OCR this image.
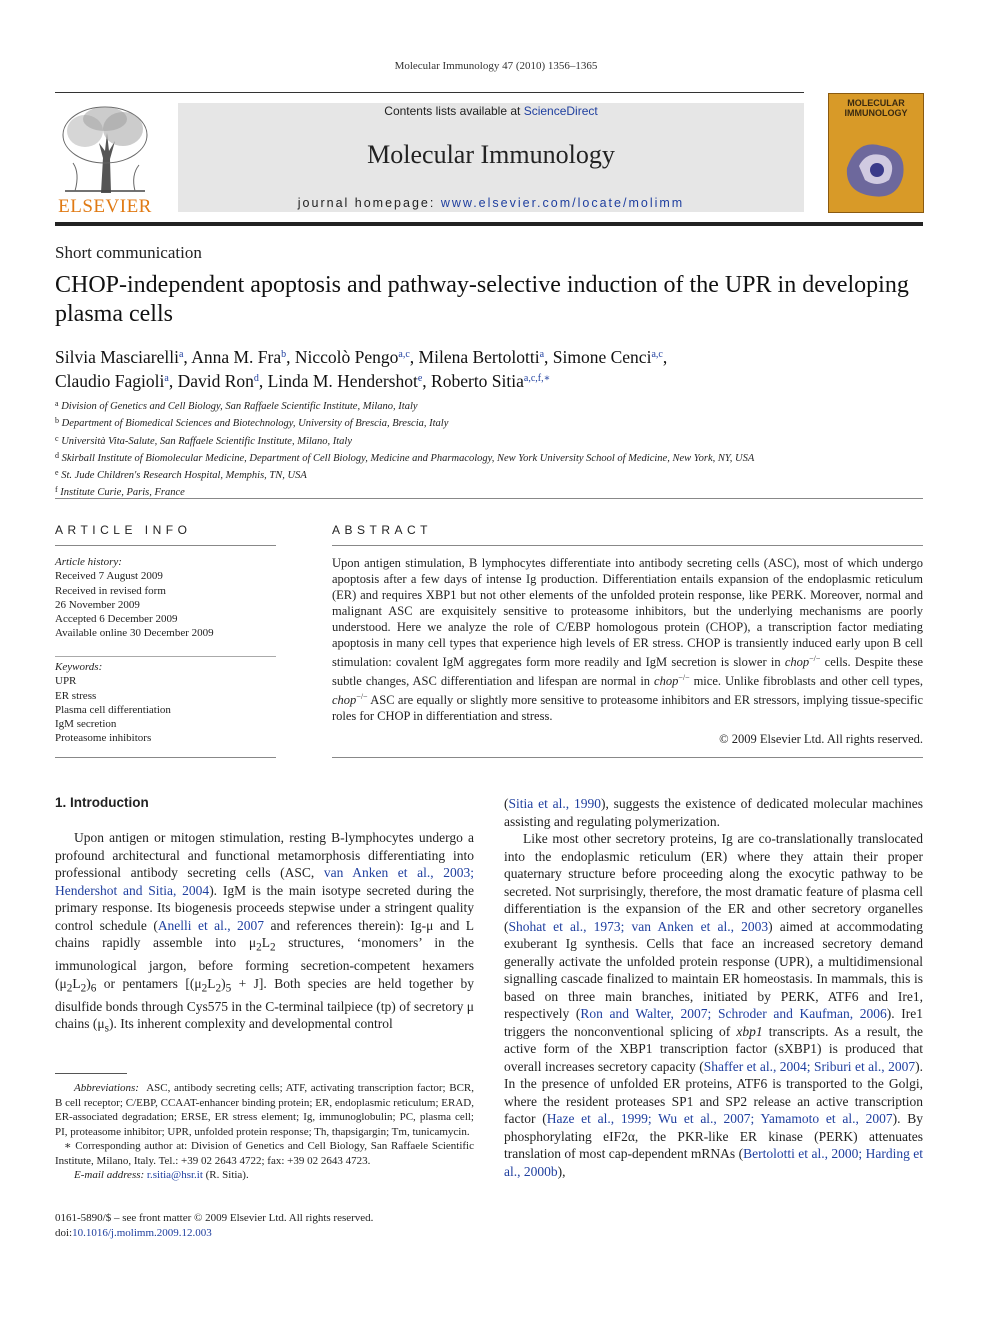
Molecular Immunology 47 (2010) 1356–1365
ELSEVIER
Contents lists available at ScienceDirect
Molecular Immunology
journal homepage: www.elsevier.com/locate/molimm
MOLECULAR IMMUNOLOGY
Short communication
CHOP-independent apoptosis and pathway-selective induction of the UPR in developing plasma cells
Silvia Masciarelli$^a$, Anna M. Fra$^b$, Niccolò Pengo$^{a,c}$, Milena Bertolotti$^a$, Simone Cenci$^{a,c}$,
Claudio Fagioli$^a$, David Ron$^d$, Linda M. Hendershot$^e$, Roberto Sitia$^{a,c,f,∗}$
$^a$ Division of Genetics and Cell Biology, San Raffaele Scientific Institute, Milano, Italy
$^b$ Department of Biomedical Sciences and Biotechnology, University of Brescia, Brescia, Italy
$^c$ Università Vita-Salute, San Raffaele Scientific Institute, Milano, Italy
$^d$ Skirball Institute of Biomolecular Medicine, Department of Cell Biology, Medicine and Pharmacology, New York University School of Medicine, New York, NY, USA
$^e$ St. Jude Children's Research Hospital, Memphis, TN, USA
$^f$ Institute Curie, Paris, France
ARTICLE INFO
Article history:
Received 7 August 2009
Received in revised form
26 November 2009
Accepted 6 December 2009
Available online 30 December 2009
Keywords:
UPR
ER stress
Plasma cell differentiation
IgM secretion
Proteasome inhibitors
ABSTRACT
Upon antigen stimulation, B lymphocytes differentiate into antibody secreting cells (ASC), most of which undergo apoptosis after a few days of intense Ig production. Differentiation entails expansion of the endoplasmic reticulum (ER) and requires XBP1 but not other elements of the unfolded protein response, like PERK. Moreover, normal and malignant ASC are exquisitely sensitive to proteasome inhibitors, but the underlying mechanisms are poorly understood. Here we analyze the role of C/EBP homologous protein (CHOP), a transcription factor mediating apoptosis in many cell types that experience high levels of ER stress. CHOP is transiently induced early upon B cell stimulation: covalent IgM aggregates form more readily and IgM secretion is slower in chop−/− cells. Despite these subtle changes, ASC differentiation and lifespan are normal in chop−/− mice. Unlike fibroblasts and other cell types, chop−/− ASC are equally or slightly more sensitive to proteasome inhibitors and ER stressors, implying tissue-specific roles for CHOP in differentiation and stress.
© 2009 Elsevier Ltd. All rights reserved.
1. Introduction

Upon antigen or mitogen stimulation, resting B-lymphocytes undergo a profound architectural and functional metamorphosis differentiating into professional antibody secreting cells (ASC, van Anken et al., 2003; Hendershot and Sitia, 2004). IgM is the main isotype secreted during the primary response. Its biogenesis proceeds stepwise under a stringent quality control schedule (Anelli et al., 2007 and references therein): Ig-μ and L chains rapidly assemble into $\mu_2L_2$ structures, ‘monomers’ in the immunological jargon, before forming secretion-competent hexamers $(\mu_2L_2)_6$ or pentamers $[(\mu_2L_2)_5 + J]$. Both species are held together by disulfide bonds through Cys575 in the C-terminal tailpiece (tp) of secretory μ chains $(\mu_s)$. Its inherent complexity and developmental control

Abbreviations: ASC, antibody secreting cells; ATF, activating transcription factor; BCR, B cell receptor; C/EBP, CCAAT-enhancer binding protein; ER, endoplasmic reticulum; ERAD, ER-associated degradation; ERSE, ER stress element; Ig, immunoglobulin; PC, plasma cell; PI, proteasome inhibitor; UPR, unfolded protein response; Th, thapsigargin; Tm, tunicamycin.
∗ Corresponding author at: Division of Genetics and Cell Biology, San Raffaele Scientific Institute, Milano, Italy. Tel.: +39 02 2643 4722; fax: +39 02 2643 4723.
E-mail address: r.sitia@hsr.it (R. Sitia).

(Sitia et al., 1990), suggests the existence of dedicated molecular machines assisting and regulating polymerization.

Like most other secretory proteins, Ig are co-translationally translocated into the endoplasmic reticulum (ER) where they attain their proper quaternary structure before proceeding along the exocytic pathway to be secreted. Not surprisingly, therefore, the most dramatic feature of plasma cell differentiation is the expansion of the ER and other secretory organelles (Shohat et al., 1973; van Anken et al., 2003) aimed at accommodating exuberant Ig synthesis. Cells that face an increased secretory demand generally activate the unfolded protein response (UPR), a multidimensional signalling cascade finalized to maintain ER homeostasis. In mammals, this is based on three main branches, initiated by PERK, ATF6 and Ire1, respectively (Ron and Walter, 2007; Schroder and Kaufman, 2006). Ire1 triggers the nonconventional splicing of xbp1 transcripts. As a result, the active form of the XBP1 transcription factor (sXBP1) is produced that overall increases secretory capacity (Shaffer et al., 2004; Sriburi et al., 2007). In the presence of unfolded ER proteins, ATF6 is transported to the Golgi, where the resident proteases SP1 and SP2 release an active transcription factor (Haze et al., 1999; Wu et al., 2007; Yamamoto et al., 2007). By phosphorylating eIF2α, the PKR-like ER kinase (PERK) attenuates translation of most cap-dependent mRNAs (Bertolotti et al., 2000; Harding et al., 2000b),

0161-5890/$ – see front matter © 2009 Elsevier Ltd. All rights reserved.
doi:10.1016/j.molimm.2009.12.003
